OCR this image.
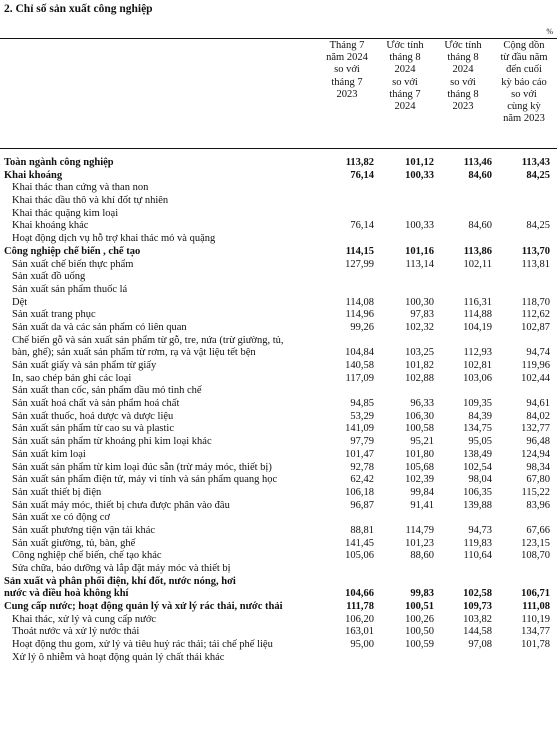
2. Chỉ số sản xuất công nghiệp
%
Tháng 7
năm 2024
so với
tháng 7
2023
Ước tính
tháng 8
2024
so với
tháng 7
2024
Ước tính
tháng 8
2024
so với
tháng 8
2023
Cộng dồn
từ đầu năm
đến cuối
kỳ báo cáo
so với
cùng kỳ
năm 2023
Toàn ngành công nghiệp	113,82	101,12	113,46	113,43
Khai khoáng	76,14	100,33	84,60	84,25
Khai thác than cứng và than non
Khai thác dầu thô và khí đốt tự nhiên
Khai thác quặng kim loại
Khai khoáng khác	76,14	100,33	84,60	84,25
Hoạt động dịch vụ hỗ trợ khai thác mỏ và quặng
Công nghiệp chế biến , chế tạo	114,15	101,16	113,86	113,70
Sản xuất chế biến thực phẩm	127,99	113,14	102,11	113,81
Sản xuất đồ uống
Sản xuất sản phẩm thuốc lá
Dệt	114,08	100,30	116,31	118,70
Sản xuất trang phục	114,96	97,83	114,88	112,62
Sản xuất da và các sản phẩm có liên quan	99,26	102,32	104,19	102,87
Chế biến gỗ và sản xuất sản phẩm từ gỗ, tre, nứa (trừ giường, tủ,
bàn, ghế); sản xuất sản phẩm từ rơm, rạ và vật liệu tết bện	104,84	103,25	112,93	94,74
Sản xuất giấy và sản phẩm từ giấy	140,58	101,82	102,81	119,96
In, sao chép bản ghi các loại	117,09	102,88	103,06	102,44
Sản xuất than cốc, sản phẩm dầu mỏ tinh chế
Sản xuất hoá chất và sản phẩm hoá chất	94,85	96,33	109,35	94,61
Sản xuất thuốc, hoá dược và dược liệu	53,29	106,30	84,39	84,02
Sản xuất sản phẩm từ cao su và plastic	141,09	100,58	134,75	132,77
Sản xuất sản phẩm từ khoáng phi kim loại khác	97,79	95,21	95,05	96,48
Sản xuất kim loại	101,47	101,80	138,49	124,94
Sản xuất sản phẩm từ kim loại đúc sẵn (trừ máy móc, thiết bị)	92,78	105,68	102,54	98,34
Sản xuất sản phẩm điện tử, máy vi tính và sản phẩm quang học	62,42	102,39	98,04	67,80
Sản xuất thiết bị điện	106,18	99,84	106,35	115,22
Sản xuất máy móc, thiết bị chưa được phân vào đâu	96,87	91,41	139,88	83,96
Sản xuất xe có động cơ
Sản xuất phương tiện vận tải khác	88,81	114,79	94,73	67,66
Sản xuất giường, tủ, bàn, ghế	141,45	101,23	119,83	123,15
Công nghiệp chế biến, chế tạo khác	105,06	88,60	110,64	108,70
Sửa chữa, bảo dưỡng và lắp đặt máy móc và thiết bị
Sản xuất và phân phối điện, khí đốt, nước nóng, hơi
nước và điều hoà không khí	104,66	99,83	102,58	106,71
Cung cấp nước; hoạt động quản lý và xử lý rác thải, nước thải	111,78	100,51	109,73	111,08
Khai thác, xử lý và cung cấp nước	106,20	100,26	103,82	110,19
Thoát nước và xử lý nước thải	163,01	100,50	144,58	134,77
Hoạt động thu gom, xử lý và tiêu huỷ rác thải; tái chế phế liệu	95,00	100,59	97,08	101,78
Xử lý ô nhiễm và hoạt động quản lý chất thải khác
